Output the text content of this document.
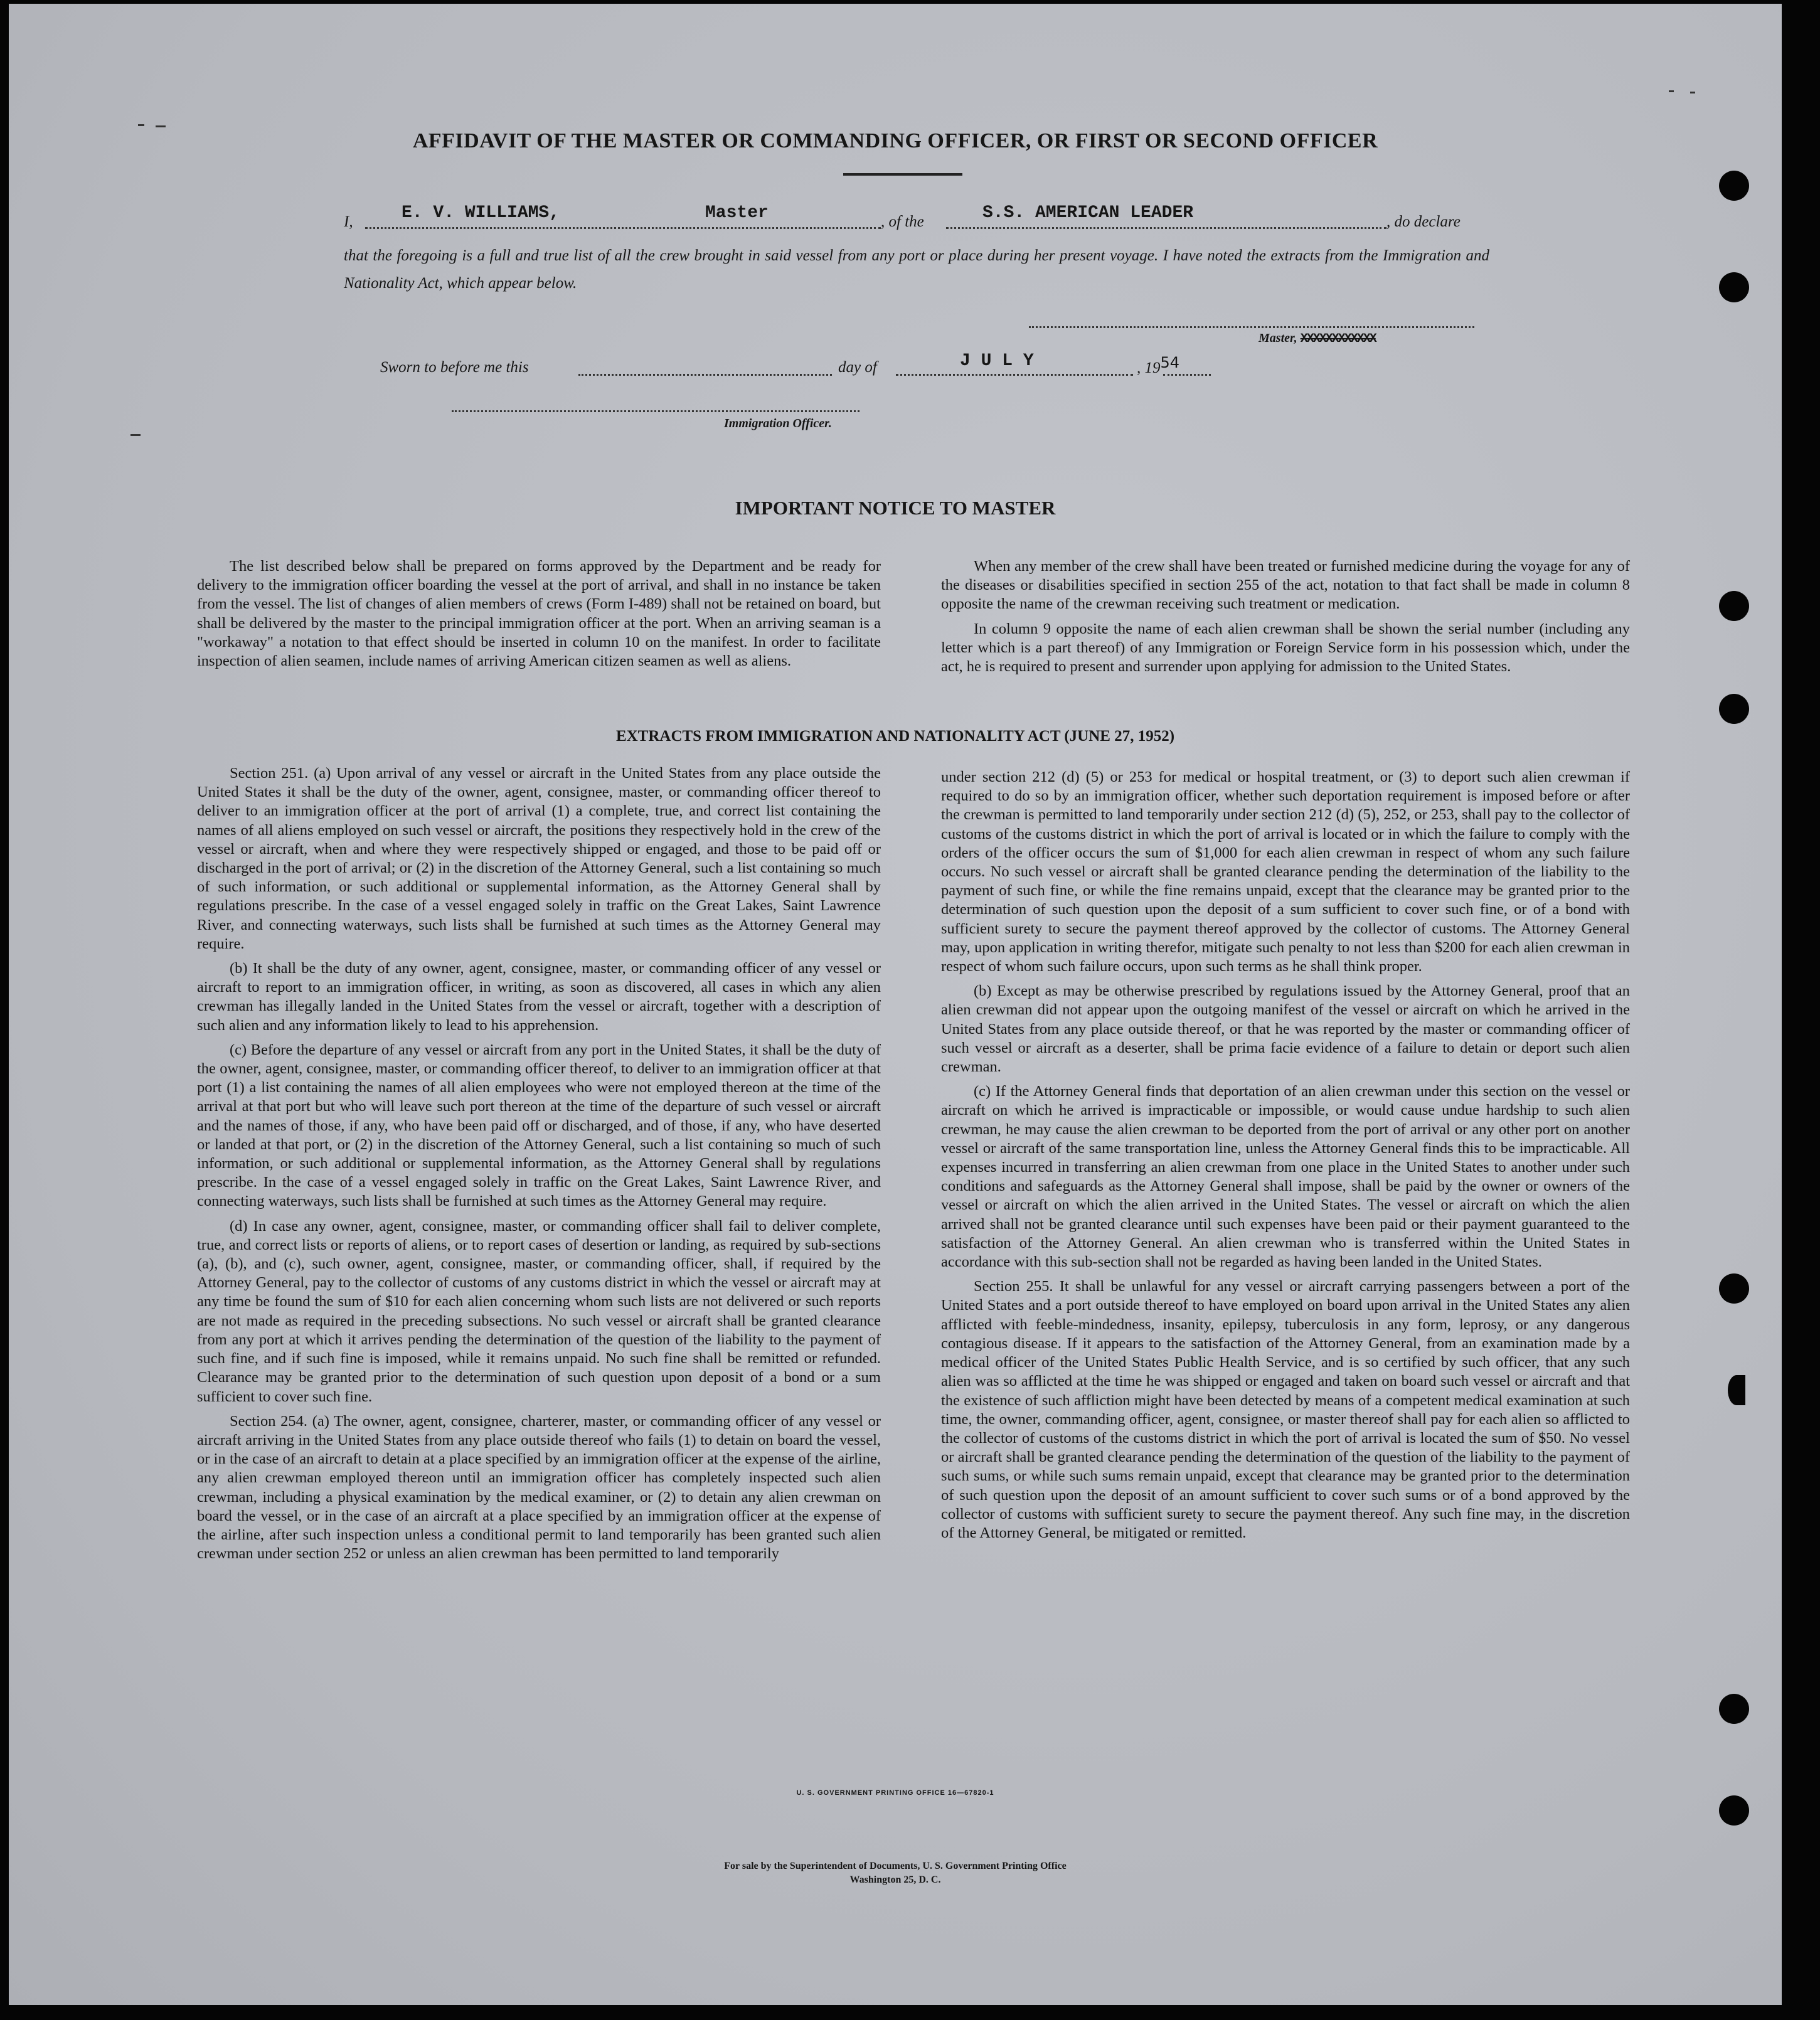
AFFIDAVIT OF THE MASTER OR COMMANDING OFFICER, OR FIRST OR SECOND OFFICER
I,	E. V. WILLIAMS,	Master	, of the	S.S. AMERICAN LEADER	, do declare
that the foregoing is a full and true list of all the crew brought in said vessel from any port or place during her present voyage. I have noted the extracts from the Immigration and Nationality Act, which appear below.
Master, XXXXXXXXXXXX
Sworn to before me this	day of	J U L Y	, 1954
Immigration Officer.
IMPORTANT NOTICE TO MASTER

The list described below shall be prepared on forms approved by the Department and be ready for delivery to the immigration officer boarding the vessel at the port of arrival, and shall in no instance be taken from the vessel. The list of changes of alien members of crews (Form I-489) shall not be retained on board, but shall be delivered by the master to the principal immigration officer at the port. When an arriving seaman is a "workaway" a notation to that effect should be inserted in column 10 on the manifest. In order to facilitate inspection of alien seamen, include names of arriving American citizen seamen as well as aliens.

When any member of the crew shall have been treated or furnished medicine during the voyage for any of the diseases or disabilities specified in section 255 of the act, notation to that fact shall be made in column 8 opposite the name of the crewman receiving such treatment or medication.

In column 9 opposite the name of each alien crewman shall be shown the serial number (including any letter which is a part thereof) of any Immigration or Foreign Service form in his possession which, under the act, he is required to present and surrender upon applying for admission to the United States.

EXTRACTS FROM IMMIGRATION AND NATIONALITY ACT (JUNE 27, 1952)

Section 251. (a) Upon arrival of any vessel or aircraft in the United States from any place outside the United States it shall be the duty of the owner, agent, consignee, master, or commanding officer thereof to deliver to an immigration officer at the port of arrival (1) a complete, true, and correct list containing the names of all aliens employed on such vessel or aircraft, the positions they respectively hold in the crew of the vessel or aircraft, when and where they were respectively shipped or engaged, and those to be paid off or discharged in the port of arrival; or (2) in the discretion of the Attorney General, such a list containing so much of such information, or such additional or supplemental information, as the Attorney General shall by regulations prescribe. In the case of a vessel engaged solely in traffic on the Great Lakes, Saint Lawrence River, and connecting waterways, such lists shall be furnished at such times as the Attorney General may require.

(b) It shall be the duty of any owner, agent, consignee, master, or commanding officer of any vessel or aircraft to report to an immigration officer, in writing, as soon as discovered, all cases in which any alien crewman has illegally landed in the United States from the vessel or aircraft, together with a description of such alien and any information likely to lead to his apprehension.

(c) Before the departure of any vessel or aircraft from any port in the United States, it shall be the duty of the owner, agent, consignee, master, or commanding officer thereof, to deliver to an immigration officer at that port (1) a list containing the names of all alien employees who were not employed thereon at the time of the arrival at that port but who will leave such port thereon at the time of the departure of such vessel or aircraft and the names of those, if any, who have been paid off or discharged, and of those, if any, who have deserted or landed at that port, or (2) in the discretion of the Attorney General, such a list containing so much of such information, or such additional or supplemental information, as the Attorney General shall by regulations prescribe. In the case of a vessel engaged solely in traffic on the Great Lakes, Saint Lawrence River, and connecting waterways, such lists shall be furnished at such times as the Attorney General may require.

(d) In case any owner, agent, consignee, master, or commanding officer shall fail to deliver complete, true, and correct lists or reports of aliens, or to report cases of desertion or landing, as required by sub-sections (a), (b), and (c), such owner, agent, consignee, master, or commanding officer, shall, if required by the Attorney General, pay to the collector of customs of any customs district in which the vessel or aircraft may at any time be found the sum of $10 for each alien concerning whom such lists are not delivered or such reports are not made as required in the preceding subsections. No such vessel or aircraft shall be granted clearance from any port at which it arrives pending the determination of the question of the liability to the payment of such fine, and if such fine is imposed, while it remains unpaid. No such fine shall be remitted or refunded. Clearance may be granted prior to the determination of such question upon deposit of a bond or a sum sufficient to cover such fine.

Section 254. (a) The owner, agent, consignee, charterer, master, or commanding officer of any vessel or aircraft arriving in the United States from any place outside thereof who fails (1) to detain on board the vessel, or in the case of an aircraft to detain at a place specified by an immigration officer at the expense of the airline, any alien crewman employed thereon until an immigration officer has completely inspected such alien crewman, including a physical examination by the medical examiner, or (2) to detain any alien crewman on board the vessel, or in the case of an aircraft at a place specified by an immigration officer at the expense of the airline, after such inspection unless a conditional permit to land temporarily has been granted such alien crewman under section 252 or unless an alien crewman has been permitted to land temporarily

under section 212 (d) (5) or 253 for medical or hospital treatment, or (3) to deport such alien crewman if required to do so by an immigration officer, whether such deportation requirement is imposed before or after the crewman is permitted to land temporarily under section 212 (d) (5), 252, or 253, shall pay to the collector of customs of the customs district in which the port of arrival is located or in which the failure to comply with the orders of the officer occurs the sum of $1,000 for each alien crewman in respect of whom any such failure occurs. No such vessel or aircraft shall be granted clearance pending the determination of the liability to the payment of such fine, or while the fine remains unpaid, except that the clearance may be granted prior to the determination of such question upon the deposit of a sum sufficient to cover such fine, or of a bond with sufficient surety to secure the payment thereof approved by the collector of customs. The Attorney General may, upon application in writing therefor, mitigate such penalty to not less than $200 for each alien crewman in respect of whom such failure occurs, upon such terms as he shall think proper.

(b) Except as may be otherwise prescribed by regulations issued by the Attorney General, proof that an alien crewman did not appear upon the outgoing manifest of the vessel or aircraft on which he arrived in the United States from any place outside thereof, or that he was reported by the master or commanding officer of such vessel or aircraft as a deserter, shall be prima facie evidence of a failure to detain or deport such alien crewman.

(c) If the Attorney General finds that deportation of an alien crewman under this section on the vessel or aircraft on which he arrived is impracticable or impossible, or would cause undue hardship to such alien crewman, he may cause the alien crewman to be deported from the port of arrival or any other port on another vessel or aircraft of the same transportation line, unless the Attorney General finds this to be impracticable. All expenses incurred in transferring an alien crewman from one place in the United States to another under such conditions and safeguards as the Attorney General shall impose, shall be paid by the owner or owners of the vessel or aircraft on which the alien arrived in the United States. The vessel or aircraft on which the alien arrived shall not be granted clearance until such expenses have been paid or their payment guaranteed to the satisfaction of the Attorney General. An alien crewman who is transferred within the United States in accordance with this sub-section shall not be regarded as having been landed in the United States.

Section 255. It shall be unlawful for any vessel or aircraft carrying passengers between a port of the United States and a port outside thereof to have employed on board upon arrival in the United States any alien afflicted with feeble-mindedness, insanity, epilepsy, tuberculosis in any form, leprosy, or any dangerous contagious disease. If it appears to the satisfaction of the Attorney General, from an examination made by a medical officer of the United States Public Health Service, and is so certified by such officer, that any such alien was so afflicted at the time he was shipped or engaged and taken on board such vessel or aircraft and that the existence of such affliction might have been detected by means of a competent medical examination at such time, the owner, commanding officer, agent, consignee, or master thereof shall pay for each alien so afflicted to the collector of customs of the customs district in which the port of arrival is located the sum of $50. No vessel or aircraft shall be granted clearance pending the determination of the question of the liability to the payment of such sums, or while such sums remain unpaid, except that clearance may be granted prior to the determination of such question upon the deposit of an amount sufficient to cover such sums or of a bond approved by the collector of customs with sufficient surety to secure the payment thereof. Any such fine may, in the discretion of the Attorney General, be mitigated or remitted.

U. S. GOVERNMENT PRINTING OFFICE 16—67820-1
For sale by the Superintendent of Documents, U. S. Government Printing Office
Washington 25, D. C.
